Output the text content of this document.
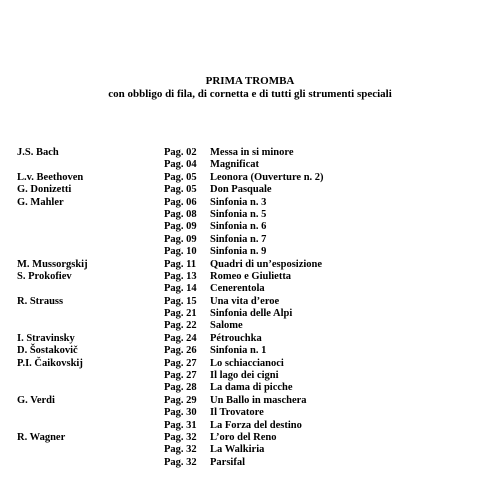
PRIMA TROMBA
con obbligo di fila, di cornetta e di tutti gli strumenti speciali
J.S. Bach	Pag. 02 Messa in si minore
Pag. 04 Magnificat
L.v. Beethoven	Pag. 05 Leonora (Ouverture n. 2)
G. Donizetti	Pag. 05 Don Pasquale
G. Mahler	Pag. 06 Sinfonia n. 3
Pag. 08 Sinfonia n. 5
Pag. 09 Sinfonia n. 6
Pag. 09 Sinfonia n. 7
Pag. 10 Sinfonia n. 9
M. Mussorgskij	Pag. 11 Quadri di un’esposizione
S. Prokofiev	Pag. 13 Romeo e Giulietta
Pag. 14 Cenerentola
R. Strauss	Pag. 15 Una vita d’eroe
Pag. 21 Sinfonia delle Alpi
Pag. 22 Salome
I. Stravinsky	Pag. 24 Pétrouchka
D. Šostakovič	Pag. 26 Sinfonia n. 1
P.I. Čaikovskij	Pag. 27 Lo schiaccianoci
Pag. 27 Il lago dei cigni
Pag. 28 La dama di picche
G. Verdi	Pag. 29 Un Ballo in maschera
Pag. 30 Il Trovatore
Pag. 31 La Forza del destino
R. Wagner	Pag. 32 L’oro del Reno
Pag. 32 La Walkiria
Pag. 32 Parsifal
